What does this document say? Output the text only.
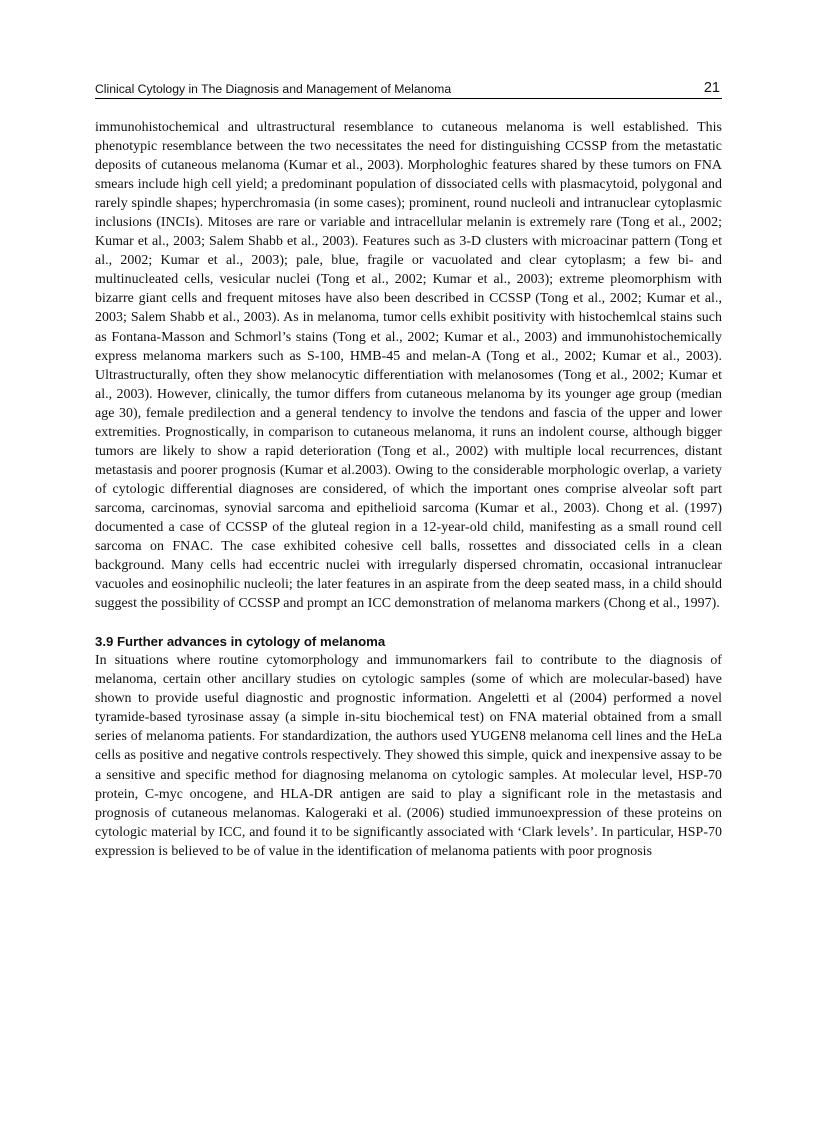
Clinical Cytology in The Diagnosis and Management of Melanoma	21

immunohistochemical and ultrastructural resemblance to cutaneous melanoma is well established. This phenotypic resemblance between the two necessitates the need for distinguishing CCSSP from the metastatic deposits of cutaneous melanoma (Kumar et al., 2003). Morphologhic features shared by these tumors on FNA smears include high cell yield; a predominant population of dissociated cells with plasmacytoid, polygonal and rarely spindle shapes; hyperchromasia (in some cases); prominent, round nucleoli and intranuclear cytoplasmic inclusions (INCIs). Mitoses are rare or variable and intracellular melanin is extremely rare (Tong et al., 2002; Kumar et al., 2003; Salem Shabb et al., 2003). Features such as 3-D clusters with microacinar pattern (Tong et al., 2002; Kumar et al., 2003); pale, blue, fragile or vacuolated and clear cytoplasm; a few bi- and multinucleated cells, vesicular nuclei (Tong et al., 2002; Kumar et al., 2003); extreme pleomorphism with bizarre giant cells and frequent mitoses have also been described in CCSSP (Tong et al., 2002; Kumar et al., 2003; Salem Shabb et al., 2003). As in melanoma, tumor cells exhibit positivity with histochemlcal stains such as Fontana-Masson and Schmorl’s stains (Tong et al., 2002; Kumar et al., 2003) and immunohistochemically express melanoma markers such as S-100, HMB-45 and melan-A (Tong et al., 2002; Kumar et al., 2003). Ultrastructurally, often they show melanocytic differentiation with melanosomes (Tong et al., 2002; Kumar et al., 2003). However, clinically, the tumor differs from cutaneous melanoma by its younger age group (median age 30), female predilection and a general tendency to involve the tendons and fascia of the upper and lower extremities. Prognostically, in comparison to cutaneous melanoma, it runs an indolent course, although bigger tumors are likely to show a rapid deterioration (Tong et al., 2002) with multiple local recurrences, distant metastasis and poorer prognosis (Kumar et al.2003). Owing to the considerable morphologic overlap, a variety of cytologic differential diagnoses are considered, of which the important ones comprise alveolar soft part sarcoma, carcinomas, synovial sarcoma and epithelioid sarcoma (Kumar et al., 2003). Chong et al. (1997) documented a case of CCSSP of the gluteal region in a 12-year-old child, manifesting as a small round cell sarcoma on FNAC. The case exhibited cohesive cell balls, rossettes and dissociated cells in a clean background. Many cells had eccentric nuclei with irregularly dispersed chromatin, occasional intranuclear vacuoles and eosinophilic nucleoli; the later features in an aspirate from the deep seated mass, in a child should suggest the possibility of CCSSP and prompt an ICC demonstration of melanoma markers (Chong et al., 1997).

3.9 Further advances in cytology of melanoma

In situations where routine cytomorphology and immunomarkers fail to contribute to the diagnosis of melanoma, certain other ancillary studies on cytologic samples (some of which are molecular-based) have shown to provide useful diagnostic and prognostic information. Angeletti et al (2004) performed a novel tyramide-based tyrosinase assay (a simple in-situ biochemical test) on FNA material obtained from a small series of melanoma patients. For standardization, the authors used YUGEN8 melanoma cell lines and the HeLa cells as positive and negative controls respectively. They showed this simple, quick and inexpensive assay to be a sensitive and specific method for diagnosing melanoma on cytologic samples. At molecular level, HSP-70 protein, C-myc oncogene, and HLA-DR antigen are said to play a significant role in the metastasis and prognosis of cutaneous melanomas. Kalogeraki et al. (2006) studied immunoexpression of these proteins on cytologic material by ICC, and found it to be significantly associated with ‘Clark levels’. In particular, HSP-70 expression is believed to be of value in the identification of melanoma patients with poor prognosis
